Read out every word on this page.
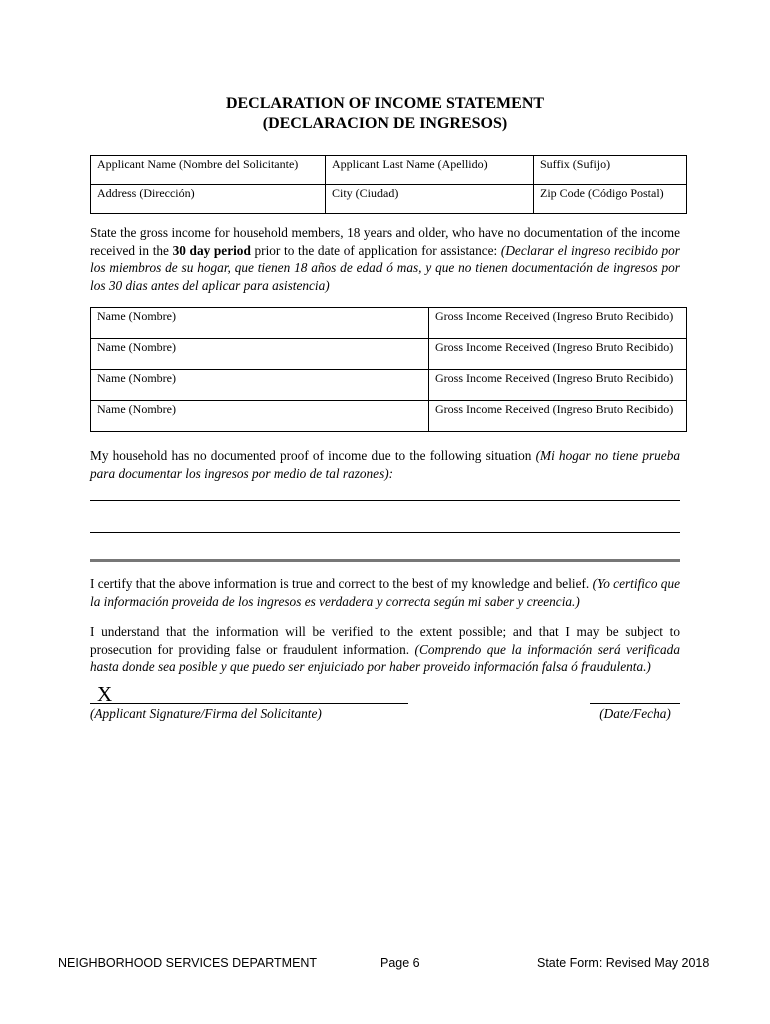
DECLARATION OF INCOME STATEMENT
(DECLARACION DE INGRESOS)
Applicant Name (Nombre del Solicitante)	Applicant Last Name (Apellido)	Suffix (Sufijo)
Address (Dirección)	City (Ciudad)	Zip Code (Código Postal)
State the gross income for household members, 18 years and older, who have no documentation of the income received in the 30 day period prior to the date of application for assistance: (Declarar el ingreso recibido por los miembros de su hogar, que tienen 18 años de edad ó mas, y que no tienen documentación de ingresos por los 30 dias antes del aplicar para asistencia)
Name (Nombre)	Gross Income Received (Ingreso Bruto Recibido)
Name (Nombre)	Gross Income Received (Ingreso Bruto Recibido)
Name (Nombre)	Gross Income Received (Ingreso Bruto Recibido)
Name (Nombre)	Gross Income Received (Ingreso Bruto Recibido)
My household has no documented proof of income due to the following situation (Mi hogar no tiene prueba para documentar los ingresos por medio de tal razones):
I certify that the above information is true and correct to the best of my knowledge and belief. (Yo certifico que la información proveida de los ingresos es verdadera y correcta según mi saber y creencia.)
I understand that the information will be verified to the extent possible; and that I may be subject to prosecution for providing false or fraudulent information. (Comprendo que la información será verificada hasta donde sea posible y que puedo ser enjuiciado por haber proveido información falsa ó fraudulenta.)
X
(Applicant Signature/Firma del Solicitante)	(Date/Fecha)
NEIGHBORHOOD SERVICES DEPARTMENT	Page 6	State Form: Revised May 2018
